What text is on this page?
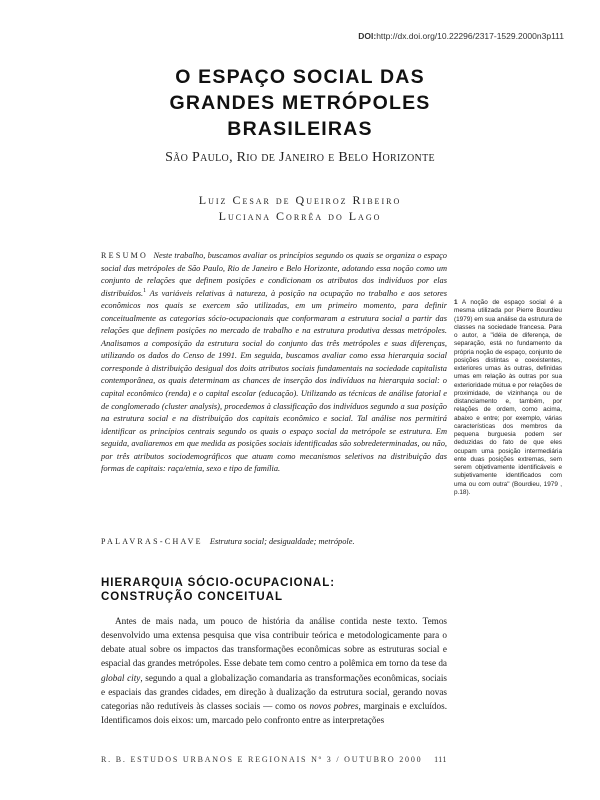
DOI:http://dx.doi.org/10.22296/2317-1529.2000n3p111
O ESPAÇO SOCIAL DAS
GRANDES METRÓPOLES
BRASILEIRAS
São Paulo, Rio de Janeiro e Belo Horizonte
Luiz Cesar de Queiroz Ribeiro
Luciana Corrêa do Lago
RESUMO Neste trabalho, buscamos avaliar os princípios segundo os quais se organiza o espaço social das metrópoles de São Paulo, Rio de Janeiro e Belo Horizonte, adotando essa noção como um conjunto de relações que definem posições e condicionam os atributos dos indivíduos por elas distribuídos.$^1$ As variáveis relativas à natureza, à posição na ocupação no trabalho e aos setores econômicos nos quais se exercem são utilizadas, em um primeiro momento, para definir conceitualmente as categorias sócio-ocupacionais que conformaram a estrutura social a partir das relações que definem posições no mercado de trabalho e na estrutura produtiva dessas metrópoles. Analisamos a composição da estrutura social do conjunto das três metrópoles e suas diferenças, utilizando os dados do Censo de 1991. Em seguida, buscamos avaliar como essa hierarquia social corresponde à distribuição desigual dos doits atributos sociais fundamentais na sociedade capitalista contemporânea, os quais determinam as chances de inserção dos indivíduos na hierarquia social: o capital econômico (renda) e o capital escolar (educação). Utilizando as técnicas de análise fatorial e de conglomerado (cluster analysis), procedemos à classificação dos indivíduos segundo a sua posição na estrutura social e na distribuição dos capitais econômico e social. Tal análise nos permitirá identificar os princípios centrais segundo os quais o espaço social da metrópole se estrutura. Em seguida, avaliaremos em que medida as posições sociais identificadas são sobredeterminadas, ou não, por três atributos sociodemográficos que atuam como mecanismos seletivos na distribuição das formas de capitais: raça/etnia, sexo e tipo de família.
PALAVRAS-CHAVE Estrutura social; desigualdade; metrópole.
HIERARQUIA SÓCIO-OCUPACIONAL:
CONSTRUÇÃO CONCEITUAL
Antes de mais nada, um pouco de história da análise contida neste texto. Temos desenvolvido uma extensa pesquisa que visa contribuir teórica e metodologicamente para o debate atual sobre os impactos das transformações econômicas sobre as estruturas social e espacial das grandes metrópoles. Esse debate tem como centro a polêmica em torno da tese da global city, segundo a qual a globalização comandaria as transformações econômicas, sociais e espaciais das grandes cidades, em direção à dualização da estrutura social, gerando novas categorias não redutíveis às classes sociais — como os novos pobres, marginais e excluídos. Identificamos dois eixos: um, marcado pelo confronto entre as interpretações
1 A noção de espaço social é a mesma utilizada por Pierre Bourdieu (1979) em sua análise da estrutura de classes na sociedade francesa. Para o autor, a "idéia de diferença, de separação, está no fundamento da própria noção de espaço, conjunto de posições distintas e coexistentes, exteriores umas às outras, definidas umas em relação às outras por sua exterioridade mútua e por relações de proximidade, de vizinhança ou de distanciamento e, também, por relações de ordem, como acima, abaixo e entre; por exemplo, várias características dos membros da pequena burguesia podem ser deduzidas do fato de que eles ocupam uma posição intermediária ente duas posições extremas, sem serem objetivamente identificáveis e subjetivamente identificados com uma ou com outra" (Bourdieu, 1979 , p.18).
R. B. ESTUDOS URBANOS E REGIONAIS Nº 3 / OUTUBRO 2000 111
